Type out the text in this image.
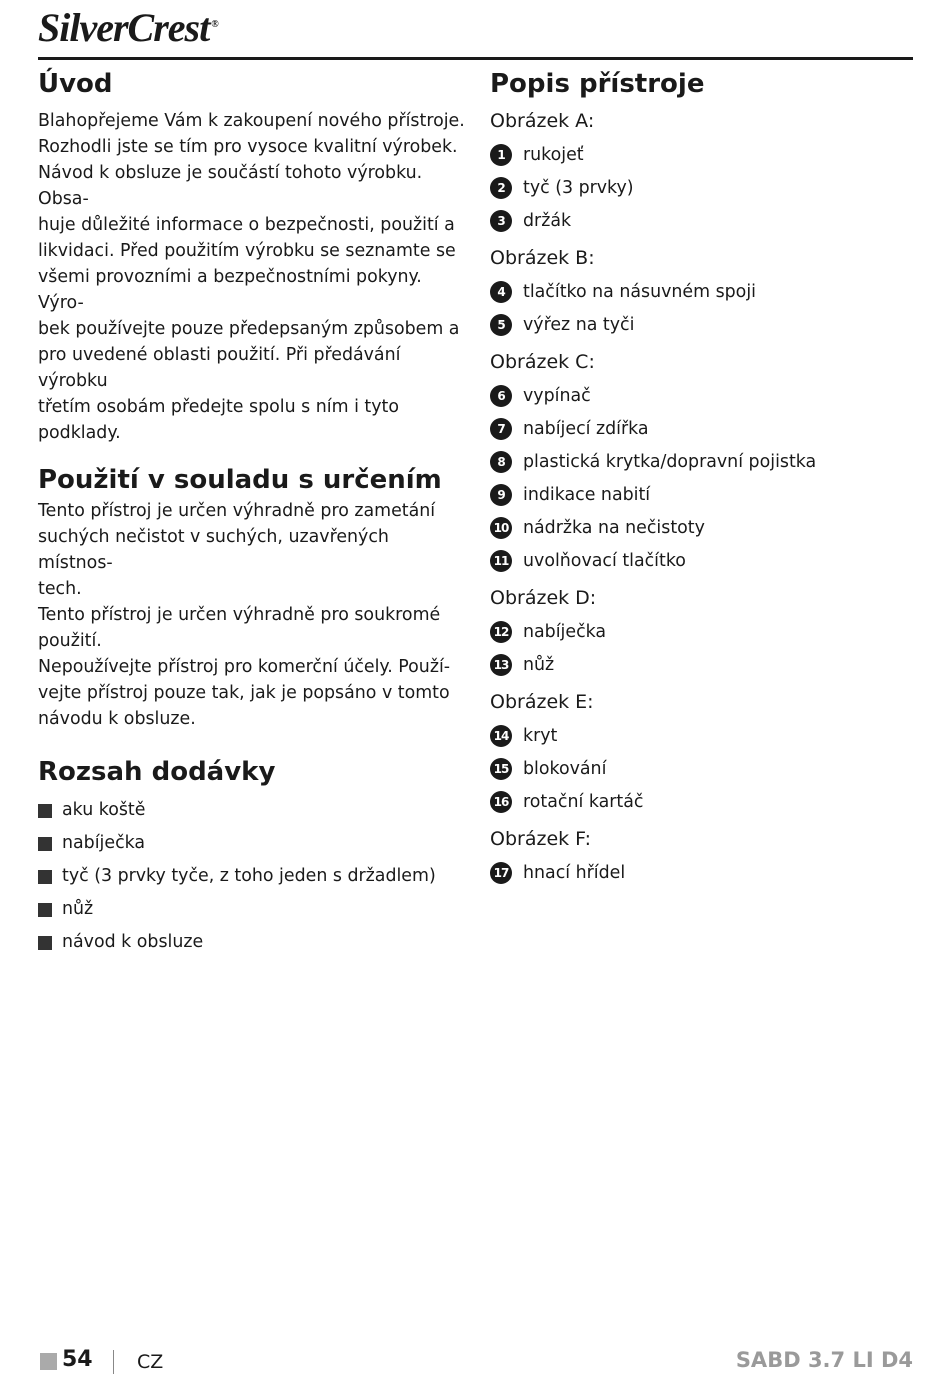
SilverCrest ®
Úvod

Blahopřejeme Vám k zakoupení nového přístroje.

Rozhodli jste se tím pro vysoce kvalitní výrobek.

Návod k obsluze je součástí tohoto výrobku. Obsa-

huje důležité informace o bezpečnosti, použití a

likvidaci. Před použitím výrobku se seznamte se

všemi provozními a bezpečnostními pokyny. Výro-

bek používejte pouze předepsaným způsobem a

pro uvedené oblasti použití. Při předávání výrobku

třetím osobám předejte spolu s ním i tyto podklady.

Použití v souladu s určením

Tento přístroj je určen výhradně pro zametání

suchých nečistot v suchých, uzavřených místnos-

tech.

Tento přístroj je určen výhradně pro soukromé

použití.

Nepoužívejte přístroj pro komerční účely. Použí-

vejte přístroj pouze tak, jak je popsáno v tomto

návodu k obsluze.

Rozsah dodávky
aku koště
nabíječka
tyč (3 prvky tyče, z toho jeden s držadlem)
nůž
návod k obsluze
Popis přístroje

Obrázek A:

1	rukojeť
2	tyč (3 prvky)
3	držák

Obrázek B:

4	tlačítko na násuvném spoji
5	výřez na tyči

Obrázek C:

6	vypínač
7	nabíjecí zdířka
8	plastická krytka/dopravní pojistka
9	indikace nabití
10 nádržka na nečistoty
11 uvolňovací tlačítko

Obrázek D:

12 nabíječka
13 nůž

Obrázek E:

14 kryt
15 blokování
16 rotační kartáč

Obrázek F:

17 hnací hřídel
54 CZ	SABD 3.7 LI D4
